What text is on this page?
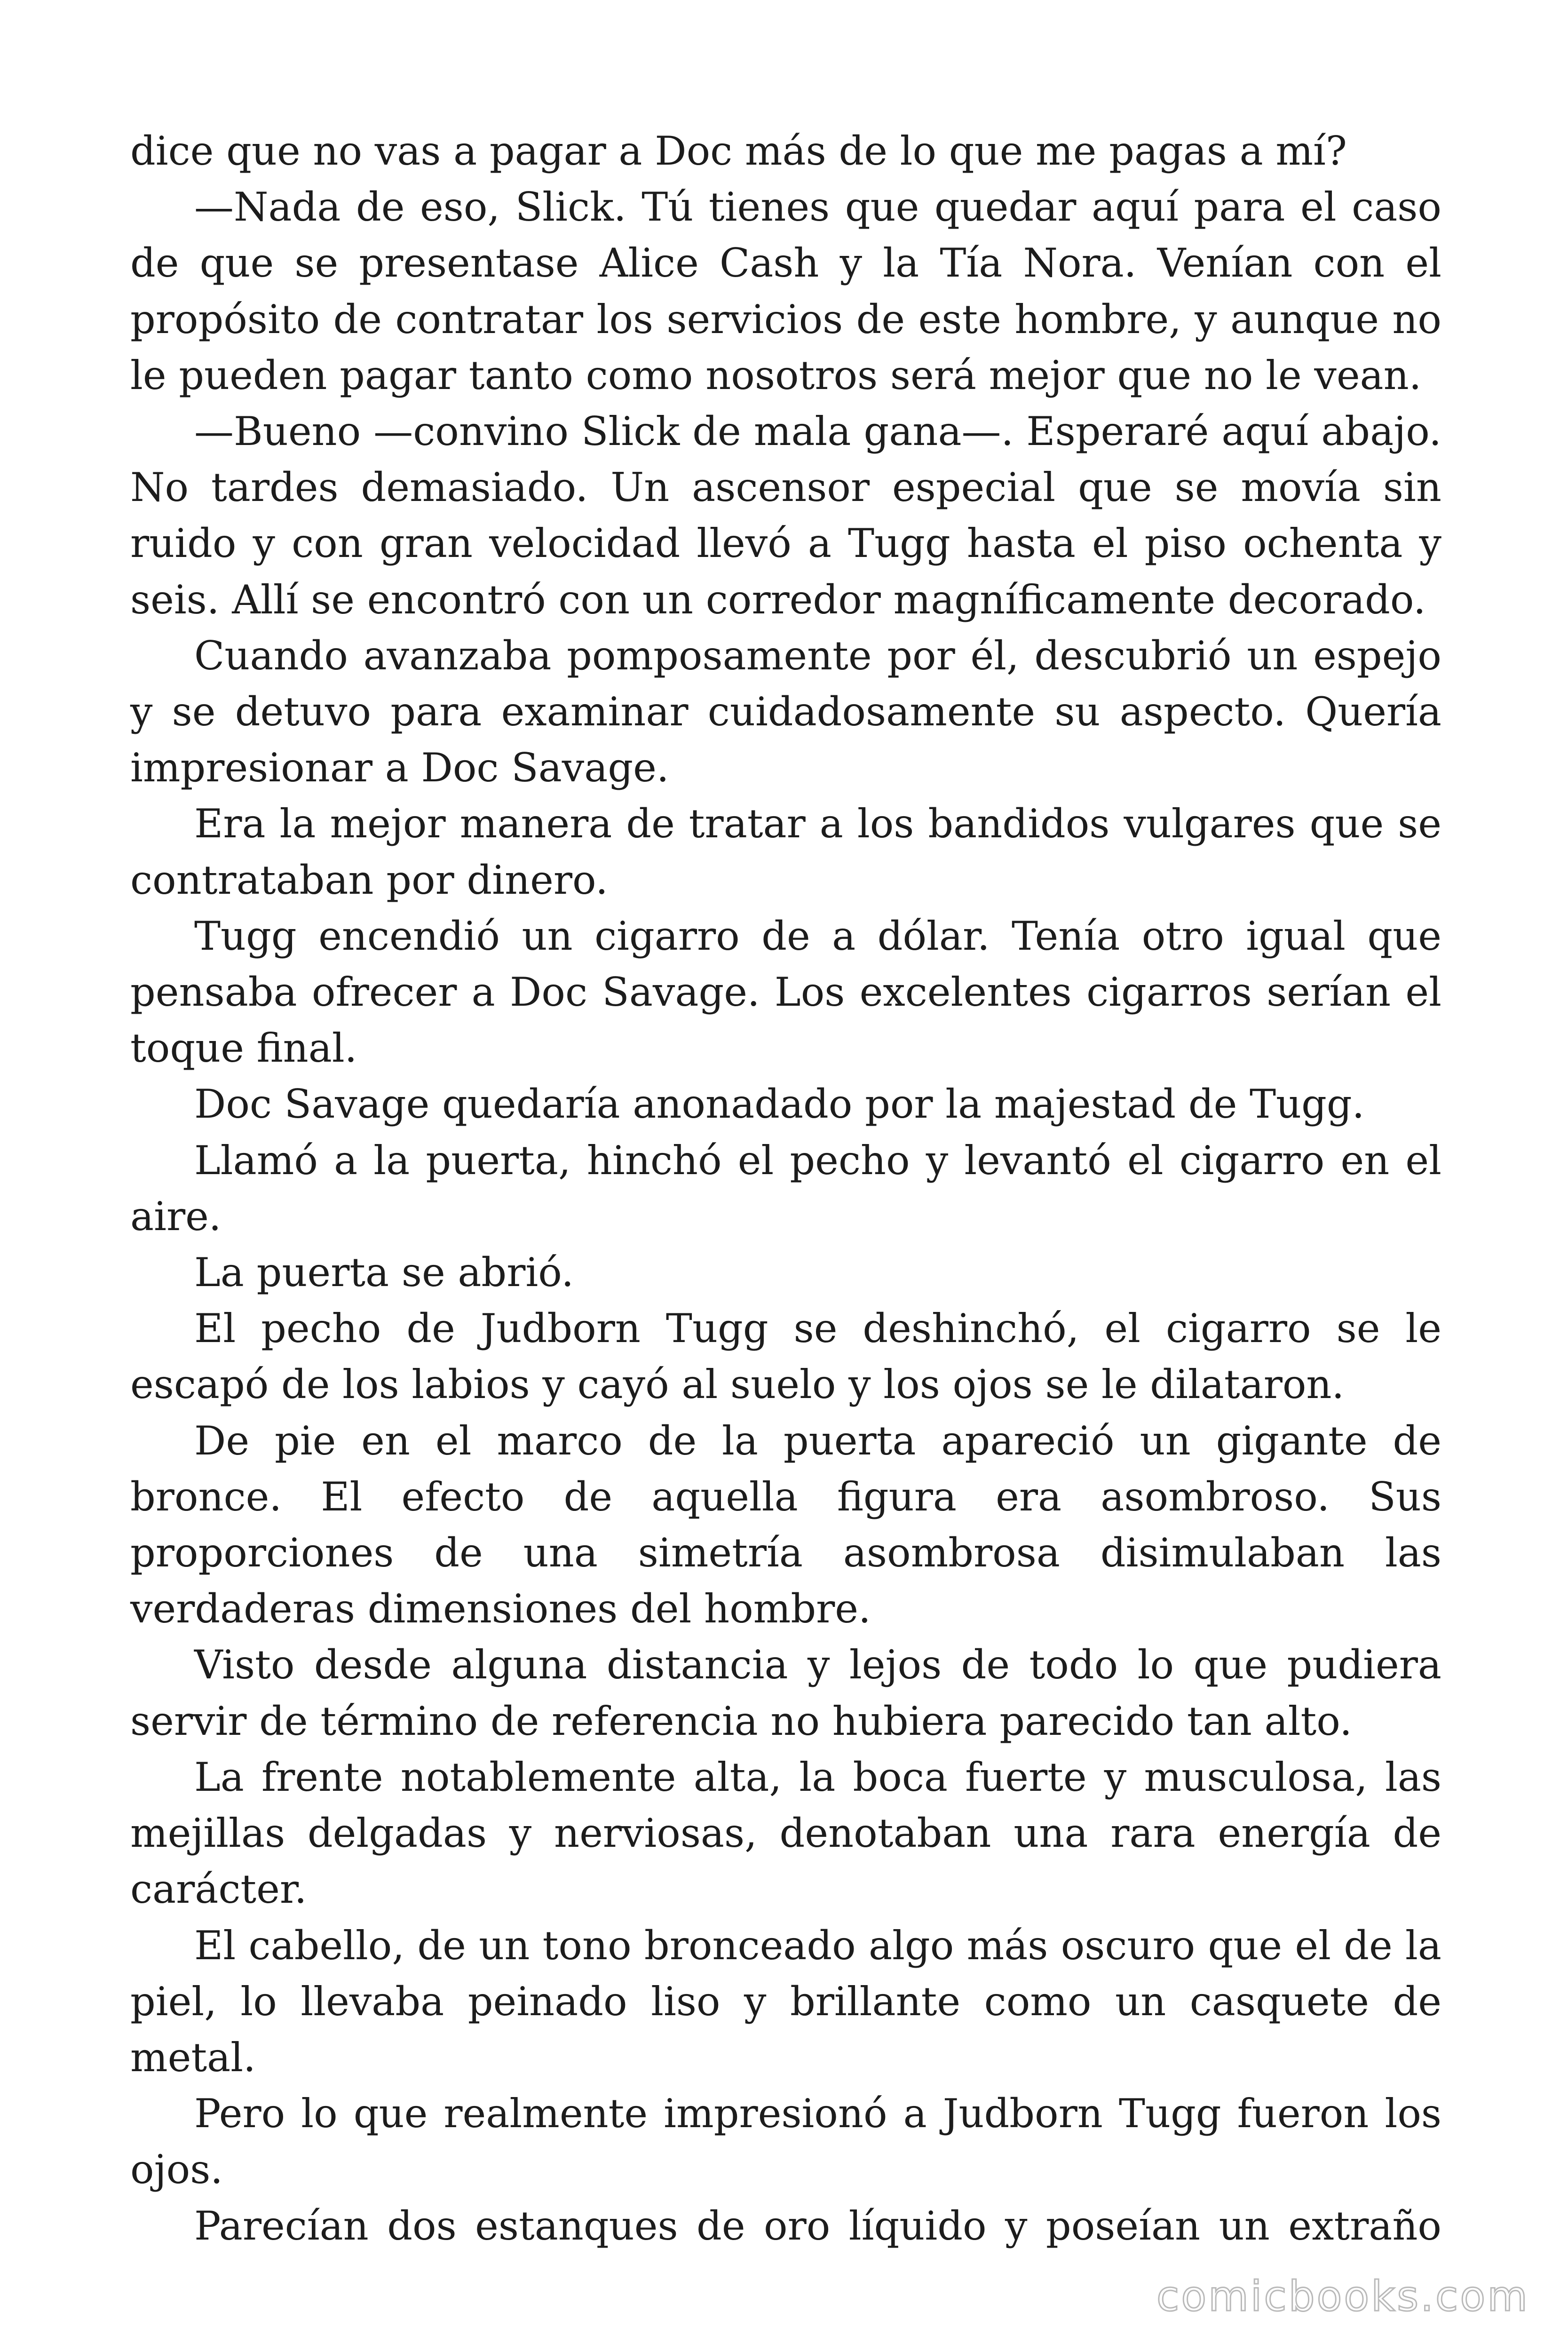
dice que no vas a pagar a Doc más de lo que me pagas a mí?

—Nada de eso, Slick. Tú tienes que quedar aquí para el caso de que se presentase Alice Cash y la Tía Nora. Venían con el propósito de contratar los servicios de este hombre, y aunque no le pueden pagar tanto como nosotros será mejor que no le vean.

—Bueno —convino Slick de mala gana—. Esperaré aquí abajo. No tardes demasiado. Un ascensor especial que se movía sin ruido y con gran velocidad llevó a Tugg hasta el piso ochenta y seis. Allí se encontró con un corredor magníficamente decorado.

Cuando avanzaba pomposamente por él, descubrió un espejo y se detuvo para examinar cuidadosamente su aspecto. Quería impresionar a Doc Savage.

Era la mejor manera de tratar a los bandidos vulgares que se contrataban por dinero.

Tugg encendió un cigarro de a dólar. Tenía otro igual que pensaba ofrecer a Doc Savage. Los excelentes cigarros serían el toque final.

Doc Savage quedaría anonadado por la majestad de Tugg.

Llamó a la puerta, hinchó el pecho y levantó el cigarro en el aire.

La puerta se abrió.

El pecho de Judborn Tugg se deshinchó, el cigarro se le escapó de los labios y cayó al suelo y los ojos se le dilataron.

De pie en el marco de la puerta apareció un gigante de bronce. El efecto de aquella figura era asombroso. Sus proporciones de una simetría asombrosa disimulaban las verdaderas dimensiones del hombre.

Visto desde alguna distancia y lejos de todo lo que pudiera servir de término de referencia no hubiera parecido tan alto.

La frente notablemente alta, la boca fuerte y musculosa, las mejillas delgadas y nerviosas, denotaban una rara energía de carácter.

El cabello, de un tono bronceado algo más oscuro que el de la piel, lo llevaba peinado liso y brillante como un casquete de metal.

Pero lo que realmente impresionó a Judborn Tugg fueron los ojos.

Parecían dos estanques de oro líquido y poseían un extraño

comicbooks.com
